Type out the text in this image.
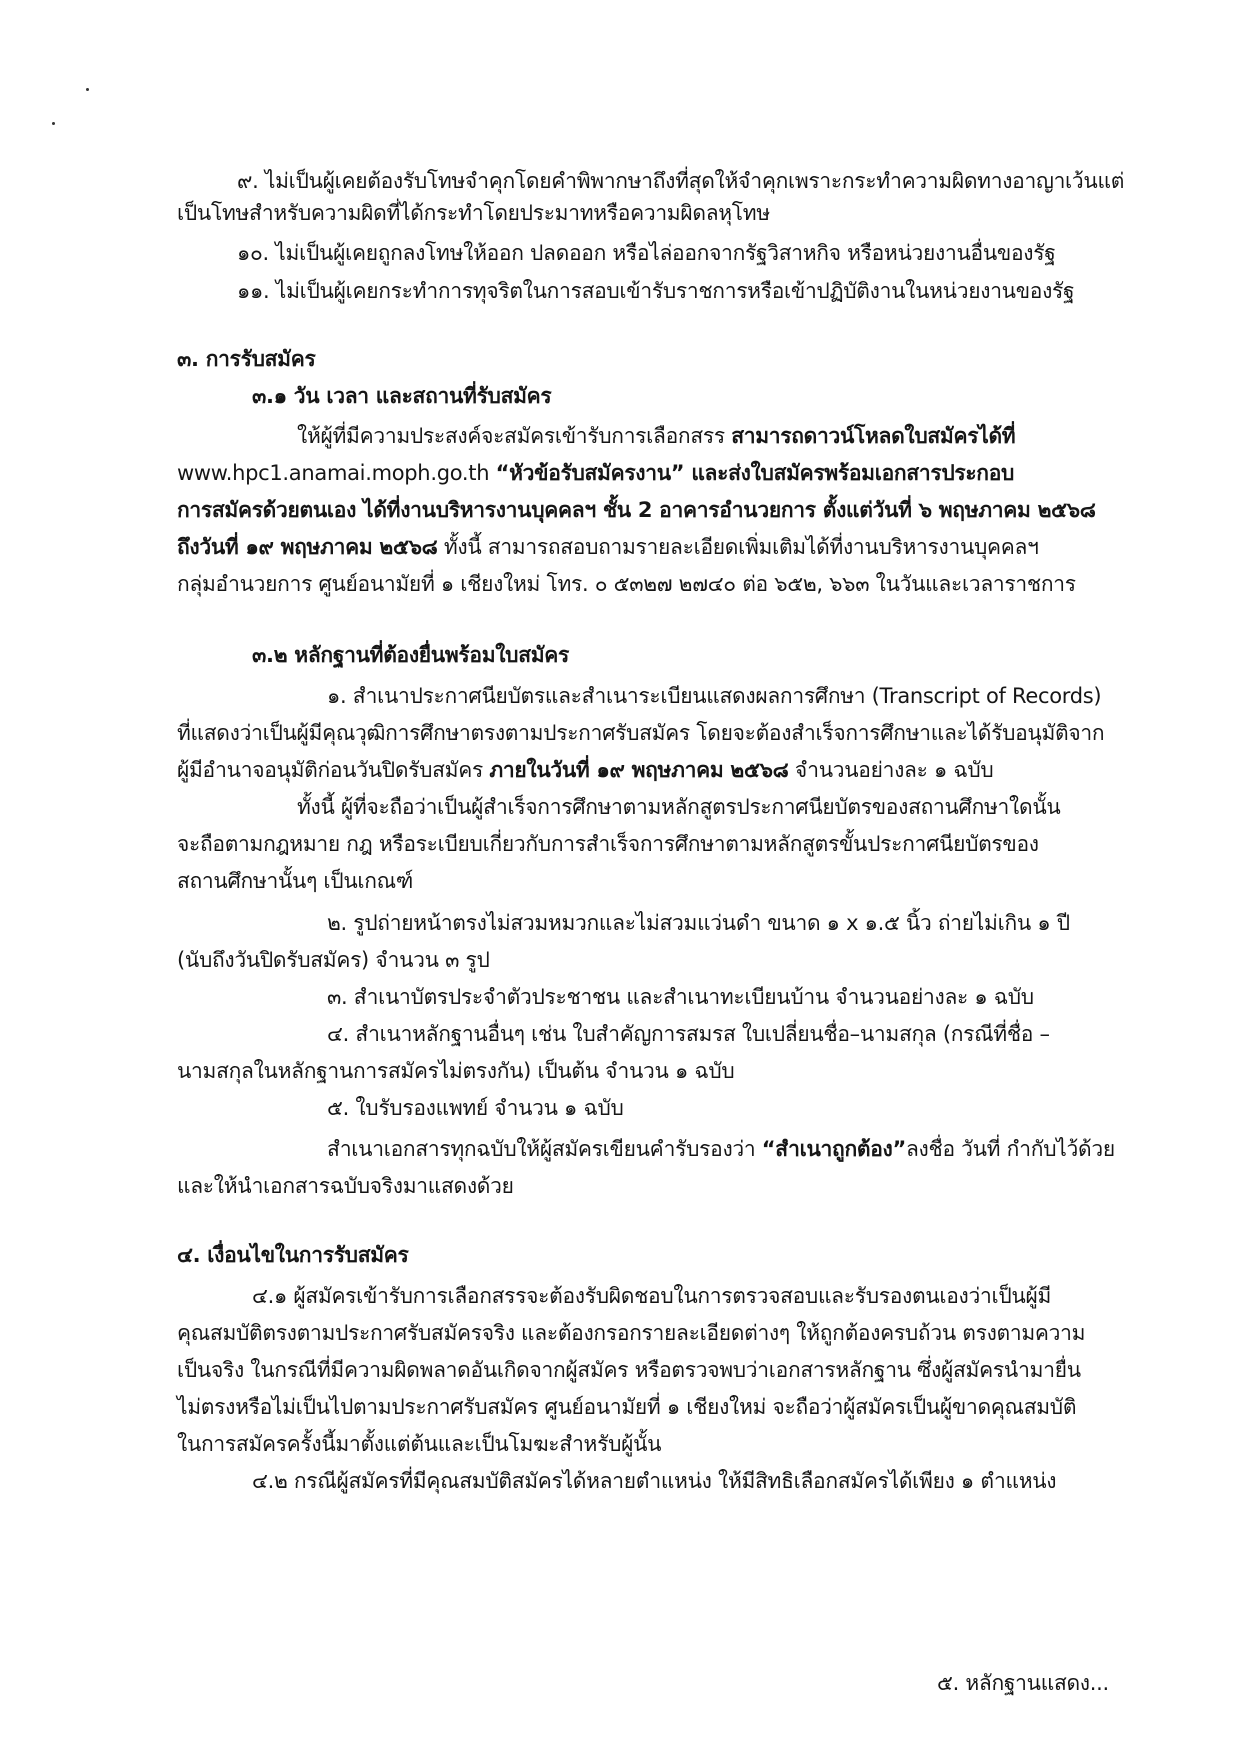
๙. ไม่เป็นผู้เคยต้องรับโทษจำคุกโดยคำพิพากษาถึงที่สุดให้จำคุกเพราะกระทำความผิดทางอาญาเว้นแต่
เป็นโทษสำหรับความผิดที่ได้กระทำโดยประมาทหรือความผิดลหุโทษ
๑๐. ไม่เป็นผู้เคยถูกลงโทษให้ออก ปลดออก หรือไล่ออกจากรัฐวิสาหกิจ หรือหน่วยงานอื่นของรัฐ
๑๑. ไม่เป็นผู้เคยกระทำการทุจริตในการสอบเข้ารับราชการหรือเข้าปฏิบัติงานในหน่วยงานของรัฐ
๓. การรับสมัคร
๓.๑ วัน เวลา และสถานที่รับสมัคร
ให้ผู้ที่มีความประสงค์จะสมัครเข้ารับการเลือกสรร สามารถดาวน์โหลดใบสมัครได้ที่
www.hpc1.anamai.moph.go.th “หัวข้อรับสมัครงาน” และส่งใบสมัครพร้อมเอกสารประกอบ
การสมัครด้วยตนเอง ได้ที่งานบริหารงานบุคคลฯ ชั้น 2 อาคารอำนวยการ ตั้งแต่วันที่ ๖ พฤษภาคม ๒๕๖๘
ถึงวันที่ ๑๙ พฤษภาคม ๒๕๖๘ ทั้งนี้ สามารถสอบถามรายละเอียดเพิ่มเติมได้ที่งานบริหารงานบุคคลฯ
กลุ่มอำนวยการ ศูนย์อนามัยที่ ๑ เชียงใหม่ โทร. ๐ ๕๓๒๗ ๒๗๔๐ ต่อ ๖๕๒, ๖๖๓ ในวันและเวลาราชการ
๓.๒ หลักฐานที่ต้องยื่นพร้อมใบสมัคร
๑. สำเนาประกาศนียบัตรและสำเนาระเบียนแสดงผลการศึกษา (Transcript of Records)
ที่แสดงว่าเป็นผู้มีคุณวุฒิการศึกษาตรงตามประกาศรับสมัคร โดยจะต้องสำเร็จการศึกษาและได้รับอนุมัติจาก
ผู้มีอำนาจอนุมัติก่อนวันปิดรับสมัคร ภายในวันที่ ๑๙ พฤษภาคม ๒๕๖๘ จำนวนอย่างละ ๑ ฉบับ
ทั้งนี้ ผู้ที่จะถือว่าเป็นผู้สำเร็จการศึกษาตามหลักสูตรประกาศนียบัตรของสถานศึกษาใดนั้น
จะถือตามกฎหมาย กฎ หรือระเบียบเกี่ยวกับการสำเร็จการศึกษาตามหลักสูตรขั้นประกาศนียบัตรของ
สถานศึกษานั้นๆ เป็นเกณฑ์
๒. รูปถ่ายหน้าตรงไม่สวมหมวกและไม่สวมแว่นดำ ขนาด ๑ x ๑.๕ นิ้ว ถ่ายไม่เกิน ๑ ปี
(นับถึงวันปิดรับสมัคร) จำนวน ๓ รูป
๓. สำเนาบัตรประจำตัวประชาชน และสำเนาทะเบียนบ้าน จำนวนอย่างละ ๑ ฉบับ
๔. สำเนาหลักฐานอื่นๆ เช่น ใบสำคัญการสมรส ใบเปลี่ยนชื่อ–นามสกุล (กรณีที่ชื่อ –
นามสกุลในหลักฐานการสมัครไม่ตรงกัน) เป็นต้น จำนวน ๑ ฉบับ
๕. ใบรับรองแพทย์ จำนวน ๑ ฉบับ
สำเนาเอกสารทุกฉบับให้ผู้สมัครเขียนคำรับรองว่า “สำเนาถูกต้อง”ลงชื่อ วันที่ กำกับไว้ด้วย
และให้นำเอกสารฉบับจริงมาแสดงด้วย
๔. เงื่อนไขในการรับสมัคร
๔.๑ ผู้สมัครเข้ารับการเลือกสรรจะต้องรับผิดชอบในการตรวจสอบและรับรองตนเองว่าเป็นผู้มี
คุณสมบัติตรงตามประกาศรับสมัครจริง และต้องกรอกรายละเอียดต่างๆ ให้ถูกต้องครบถ้วน ตรงตามความ
เป็นจริง ในกรณีที่มีความผิดพลาดอันเกิดจากผู้สมัคร หรือตรวจพบว่าเอกสารหลักฐาน ซึ่งผู้สมัครนำมายื่น
ไม่ตรงหรือไม่เป็นไปตามประกาศรับสมัคร ศูนย์อนามัยที่ ๑ เชียงใหม่ จะถือว่าผู้สมัครเป็นผู้ขาดคุณสมบัติ
ในการสมัครครั้งนี้มาตั้งแต่ต้นและเป็นโมฆะสำหรับผู้นั้น
๔.๒ กรณีผู้สมัครที่มีคุณสมบัติสมัครได้หลายตำแหน่ง ให้มีสิทธิเลือกสมัครได้เพียง ๑ ตำแหน่ง
๕. หลักฐานแสดง...
